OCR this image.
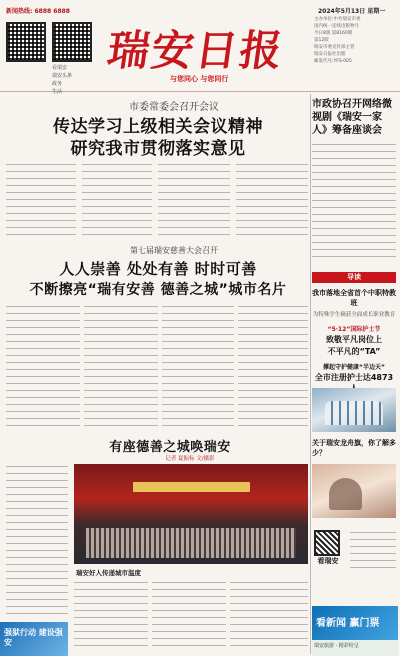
新闻热线: 6888 6888
看瑞安
瑞安头条
政务
生活
瑞安日报
与您同心 与您同行
2024年5月13日 星期一
主办单位:中共瑞安市委
国内统一连续出版物号
今日8版 第8160期
第12版
瑞安市委宣传部主管
瑞安日报社出版
邮发代号:YFS-005
市委常委会召开会议
传达学习上级相关会议精神
研究我市贯彻落实意见
第七届瑞安慈善大会召开
人人崇善 处处有善 时时可善
不断擦亮“瑞有安善 德善之城”城市名片
有座德善之城唤瑞安
记者 夏振标 文/摄影
瑞安好人传递城市温度
强狱行动 建设强安
市政协召开网络微视剧《瑞安一家人》筹备座谈会
导读
我市落地全省首个中职特教班
为特殊学生摘获全面成长职业教育
“5·12”国际护士节
致敬平凡岗位上
不平凡的“TA”
撑起守护健康“半边天”
全市注册护士达4873
关于瑞安龙舟旗，你了解多少？
看瑞安
看新闻 赢门票
瑞安旅游 · 精彩纷呈
